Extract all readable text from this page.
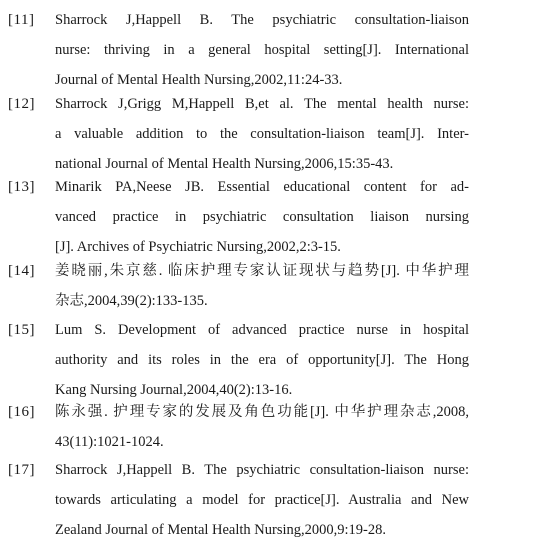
[11] Sharrock J,Happell B. The psychiatric consultation-liaison
nurse: thriving in a general hospital setting[J]. International
Journal of Mental Health Nursing,2002,11:24-33.
[12] Sharrock J,Grigg M,Happell B,et al. The mental health nurse:
a valuable addition to the consultation-liaison team[J]. Inter-
national Journal of Mental Health Nursing,2006,15:35-43.
[13] Minarik PA,Neese JB. Essential educational content for ad-
vanced practice in psychiatric consultation liaison nursing
[J]. Archives of Psychiatric Nursing,2002,2:3-15.
[14] 姜晓丽,朱京慈. 临床护理专家认证现状与趋势[J]. 中华护理
杂志,2004,39(2):133-135.
[15] Lum S. Development of advanced practice nurse in hospital
authority and its roles in the era of opportunity[J]. The Hong
Kang Nursing Journal,2004,40(2):13-16.
[16] 陈永强. 护理专家的发展及角色功能[J]. 中华护理杂志,2008,
43(11):1021-1024.
[17] Sharrock J,Happell B. The psychiatric consultation-liaison nurse:
towards articulating a model for practice[J]. Australia and New
Zealand Journal of Mental Health Nursing,2000,9:19-28.
